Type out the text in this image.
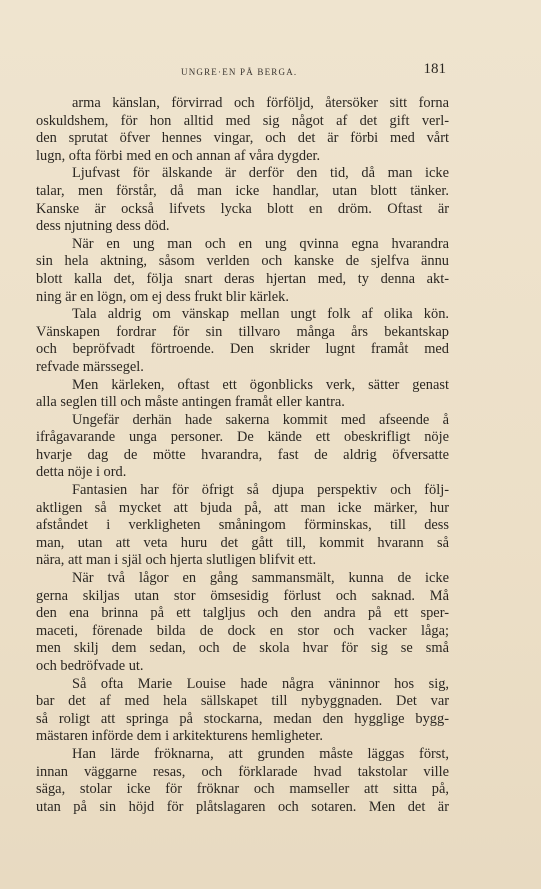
UNGRE·EN PÅ BERGA.	181
arma känslan, förvirrad och förföljd, återsöker sitt forna
oskuldshem, för hon alltid med sig något af det gift verl-
den sprutat öfver hennes vingar, och det är förbi med vårt
lugn, ofta förbi med en och annan af våra dygder.
Ljufvast för älskande är derför den tid, då man icke
talar, men förstår, då man icke handlar, utan blott tänker.
Kanske är också lifvets lycka blott en dröm. Oftast är
dess njutning dess död.
När en ung man och en ung qvinna egna hvarandra
sin hela aktning, såsom verlden och kanske de sjelfva ännu
blott kalla det, följa snart deras hjertan med, ty denna akt-
ning är en lögn, om ej dess frukt blir kärlek.
Tala aldrig om vänskap mellan ungt folk af olika kön.
Vänskapen fordrar för sin tillvaro många års bekantskap
och bepröfvadt förtroende. Den skrider lugnt framåt med
refvade märssegel.
Men kärleken, oftast ett ögonblicks verk, sätter genast
alla seglen till och måste antingen framåt eller kantra.
Ungefär derhän hade sakerna kommit med afseende å
ifrågavarande unga personer. De kände ett obeskrifligt nöje
hvarje dag de mötte hvarandra, fast de aldrig öfversatte
detta nöje i ord.
Fantasien har för öfrigt så djupa perspektiv och följ-
aktligen så mycket att bjuda på, att man icke märker, hur
afståndet i verkligheten småningom förminskas, till dess
man, utan att veta huru det gått till, kommit hvarann så
nära, att man i själ och hjerta slutligen blifvit ett.
När två lågor en gång sammansmält, kunna de icke
gerna skiljas utan stor ömsesidig förlust och saknad. Må
den ena brinna på ett talgljus och den andra på ett sper-
maceti, förenade bilda de dock en stor och vacker låga;
men skilj dem sedan, och de skola hvar för sig se små
och bedröfvade ut.
Så ofta Marie Louise hade några väninnor hos sig,
bar det af med hela sällskapet till nybyggnaden. Det var
så roligt att springa på stockarna, medan den hygglige bygg-
mästaren införde dem i arkitekturens hemligheter.
Han lärde fröknarna, att grunden måste läggas först,
innan väggarne resas, och förklarade hvad takstolar ville
säga, stolar icke för fröknar och mamseller att sitta på,
utan på sin höjd för plåtslagaren och sotaren. Men det är
